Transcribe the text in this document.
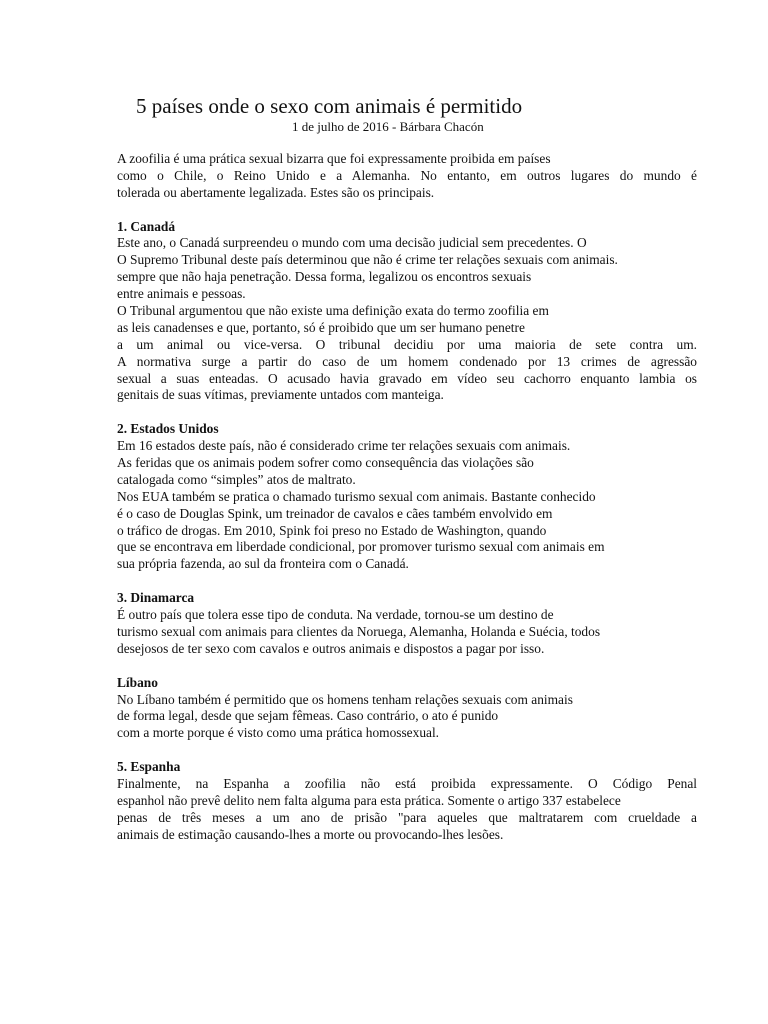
5 países onde o sexo com animais é permitido
1 de julho de 2016 - Bárbara Chacón
A zoofilia é uma prática sexual bizarra que foi expressamente proibida em países
como o Chile, o Reino Unido e a Alemanha. No entanto, em outros lugares do mundo é
tolerada ou abertamente legalizada. Estes são os principais.
1. Canadá
Este ano, o Canadá surpreendeu o mundo com uma decisão judicial sem precedentes. O
O Supremo Tribunal deste país determinou que não é crime ter relações sexuais com animais.
sempre que não haja penetração. Dessa forma, legalizou os encontros sexuais
entre animais e pessoas.
O Tribunal argumentou que não existe uma definição exata do termo zoofilia em
as leis canadenses e que, portanto, só é proibido que um ser humano penetre
a um animal ou vice-versa. O tribunal decidiu por uma maioria de sete contra um.
A normativa surge a partir do caso de um homem condenado por 13 crimes de agressão
sexual a suas enteadas. O acusado havia gravado em vídeo seu cachorro enquanto lambia os
genitais de suas vítimas, previamente untados com manteiga.
2. Estados Unidos
Em 16 estados deste país, não é considerado crime ter relações sexuais com animais.
As feridas que os animais podem sofrer como consequência das violações são
catalogada como “simples” atos de maltrato.
Nos EUA também se pratica o chamado turismo sexual com animais. Bastante conhecido
é o caso de Douglas Spink, um treinador de cavalos e cães também envolvido em
o tráfico de drogas. Em 2010, Spink foi preso no Estado de Washington, quando
que se encontrava em liberdade condicional, por promover turismo sexual com animais em
sua própria fazenda, ao sul da fronteira com o Canadá.
3. Dinamarca
É outro país que tolera esse tipo de conduta. Na verdade, tornou-se um destino de
turismo sexual com animais para clientes da Noruega, Alemanha, Holanda e Suécia, todos
desejosos de ter sexo com cavalos e outros animais e dispostos a pagar por isso.
Líbano
No Líbano também é permitido que os homens tenham relações sexuais com animais
de forma legal, desde que sejam fêmeas. Caso contrário, o ato é punido
com a morte porque é visto como uma prática homossexual.
5. Espanha
Finalmente, na Espanha a zoofilia não está proibida expressamente. O Código Penal
espanhol não prevê delito nem falta alguma para esta prática. Somente o artigo 337 estabelece
penas de três meses a um ano de prisão "para aqueles que maltratarem com crueldade a
animais de estimação causando-lhes a morte ou provocando-lhes lesões.
